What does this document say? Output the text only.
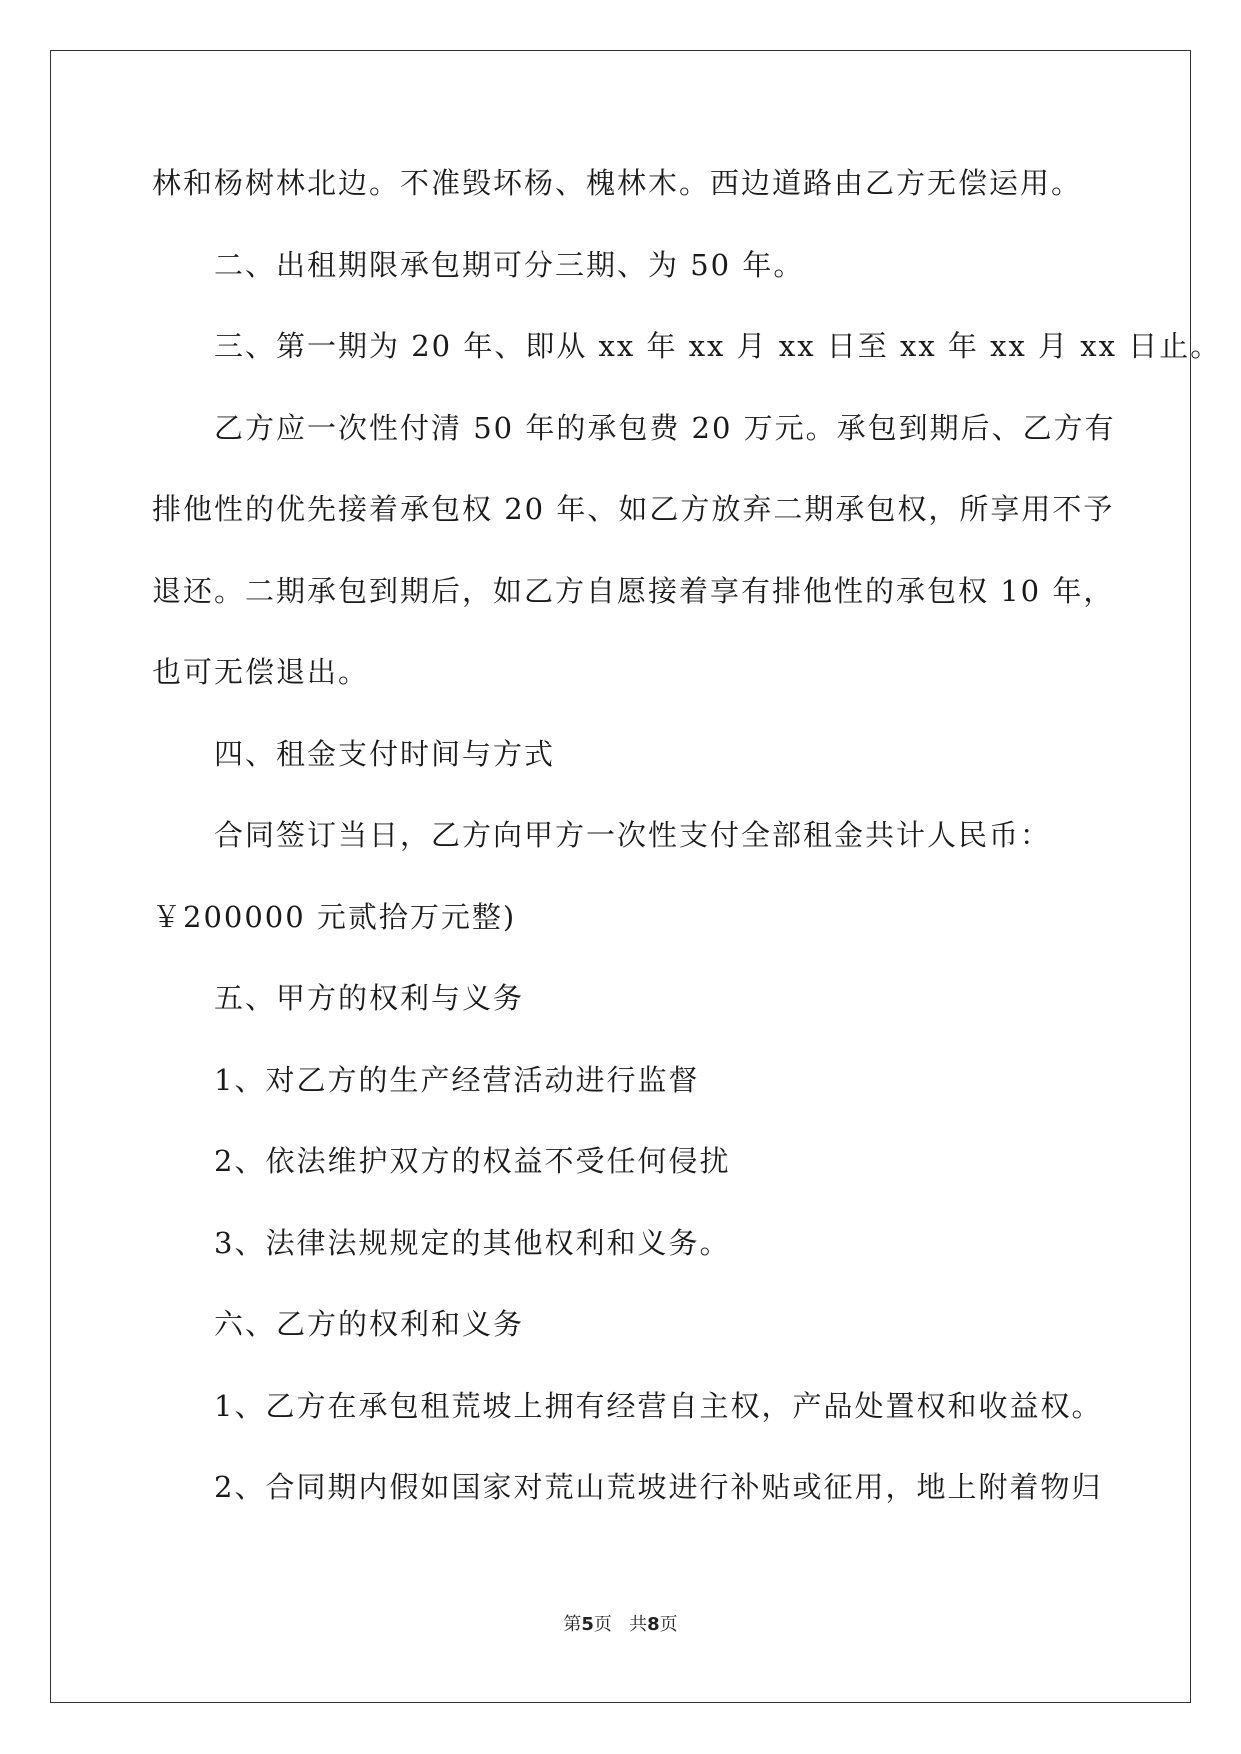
林和杨树林北边。不准毁坏杨、槐林木。西边道路由乙方无偿运用。
二、出租期限承包期可分三期、为 50 年。
三、第一期为 20 年、即从 xx 年 xx 月 xx 日至 xx 年 xx 月 xx 日止。
乙方应一次性付清 50 年的承包费 20 万元。承包到期后、乙方有
排他性的优先接着承包权 20 年、如乙方放弃二期承包权，所享用不予
退还。二期承包到期后，如乙方自愿接着享有排他性的承包权 10 年，
也可无偿退出。
四、租金支付时间与方式
合同签订当日，乙方向甲方一次性支付全部租金共计人民币：
￥200000 元贰拾万元整)
五、甲方的权利与义务
1、对乙方的生产经营活动进行监督
2、依法维护双方的权益不受任何侵扰
3、法律法规规定的其他权利和义务。
六、乙方的权利和义务
1、乙方在承包租荒坡上拥有经营自主权，产品处置权和收益权。
2、合同期内假如国家对荒山荒坡进行补贴或征用，地上附着物归
第5页   共8页
